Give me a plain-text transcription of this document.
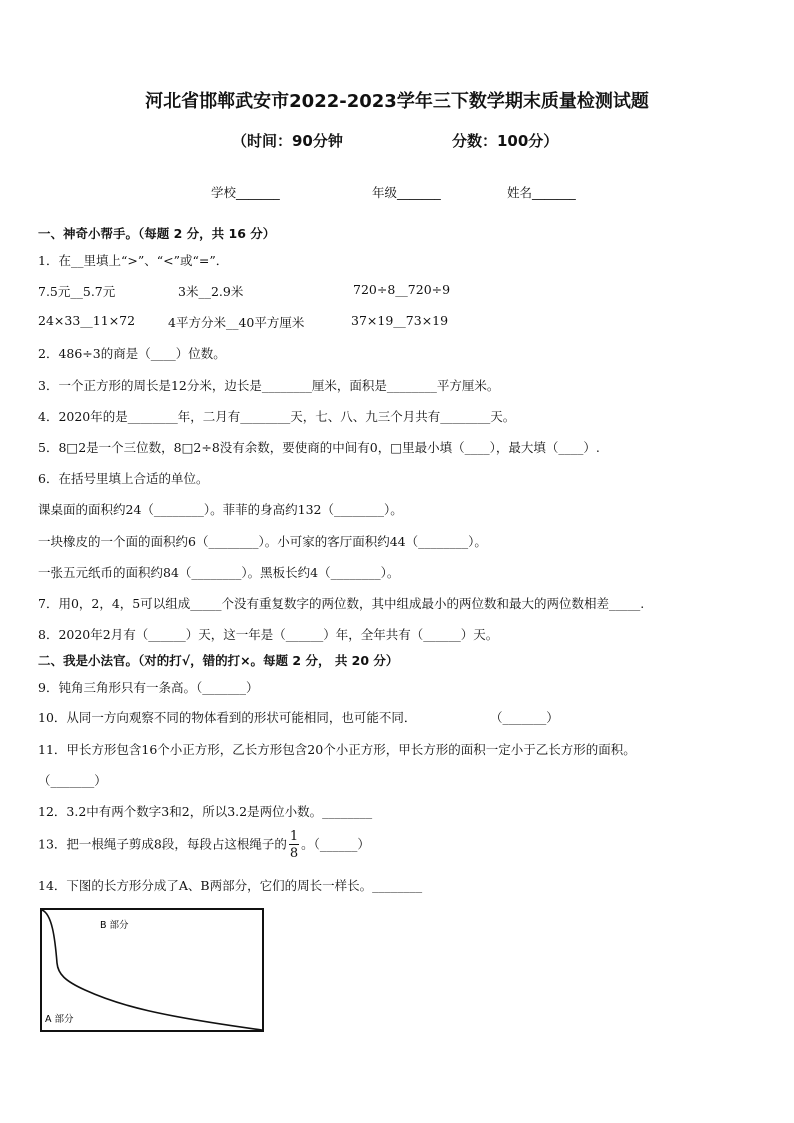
河北省邯郸武安市2022-2023学年三下数学期末质量检测试题
（时间：90分钟	分数：100分）
学校_______	年级_______	姓名_______
一、神奇小帮手。（每题 2 分，共 16 分）
1．在__里填上“>”、“<”或“=”．
7.5元__5.7元	3米__2.9米	720÷8__720÷9
24×33__11×72	4平方分米__40平方厘米	37×19__73×19
2．486÷3的商是（____）位数。
3．一个正方形的周长是12分米，边长是________厘米，面积是________平方厘米。
4．2020年的是________年，二月有________天，七、八、九三个月共有________天。
5．8□2是一个三位数，8□2÷8没有余数，要使商的中间有0，□里最小填（____），最大填（____）.
6．在括号里填上合适的单位。
课桌面的面积约24（________）。菲菲的身高约132（________）。
一块橡皮的一个面的面积约6（________）。小可家的客厅面积约44（________）。
一张五元纸币的面积约84（________）。黑板长约4（________）。
7．用0，2，4，5可以组成_____个没有重复数字的两位数，其中组成最小的两位数和最大的两位数相差_____.
8．2020年2月有（______）天，这一年是（______）年，全年共有（______）天。
二、我是小法官。（对的打√，错的打×。每题 2 分， 共 20 分）
9．钝角三角形只有一条高。（_______）
10．从同一方向观察不同的物体看到的形状可能相同，也可能不同．	（_______）
11．甲长方形包含16个小正方形，乙长方形包含20个小正方形，甲长方形的面积一定小于乙长方形的面积。
（_______）
12．3.2中有两个数字3和2，所以3.2是两位小数。________
13．把一根绳子剪成8段，每段占这根绳子的 $\frac{1}{8}$ 。（______）
14．下图的长方形分成了A、B两部分，它们的周长一样长。________
B 部分
A 部分
